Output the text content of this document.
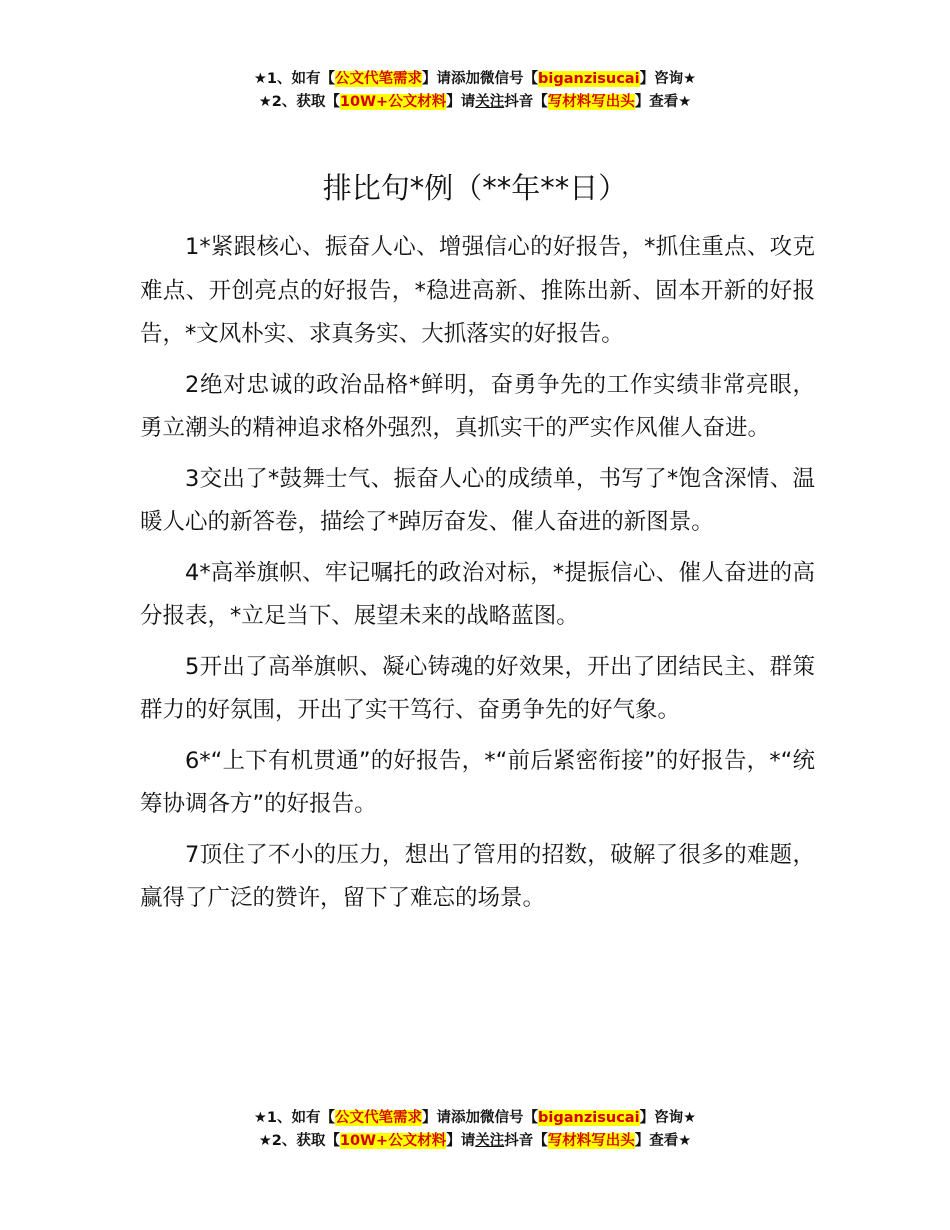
★1、如有【公文代笔需求】请添加微信号【biganzisucai】咨询★
★2、获取【10W+公文材料】请关注抖音【写材料写出头】查看★
排比句*例（**年**日）

1*紧跟核心、振奋人心、增强信心的好报告，*抓住重点、攻克难点、开创亮点的好报告，*稳进高新、推陈出新、固本开新的好报告，*文风朴实、求真务实、大抓落实的好报告。

2绝对忠诚的政治品格*鲜明，奋勇争先的工作实绩非常亮眼，勇立潮头的精神追求格外强烈，真抓实干的严实作风催人奋进。

3交出了*鼓舞士气、振奋人心的成绩单，书写了*饱含深情、温暖人心的新答卷，描绘了*踔厉奋发、催人奋进的新图景。

4*高举旗帜、牢记嘱托的政治对标，*提振信心、催人奋进的高分报表，*立足当下、展望未来的战略蓝图。

5开出了高举旗帜、凝心铸魂的好效果，开出了团结民主、群策群力的好氛围，开出了实干笃行、奋勇争先的好气象。

6*“上下有机贯通”的好报告，*“前后紧密衔接”的好报告，*“统筹协调各方”的好报告。

7顶住了不小的压力，想出了管用的招数，破解了很多的难题，赢得了广泛的赞许，留下了难忘的场景。

★1、如有【公文代笔需求】请添加微信号【biganzisucai】咨询★
★2、获取【10W+公文材料】请关注抖音【写材料写出头】查看★
